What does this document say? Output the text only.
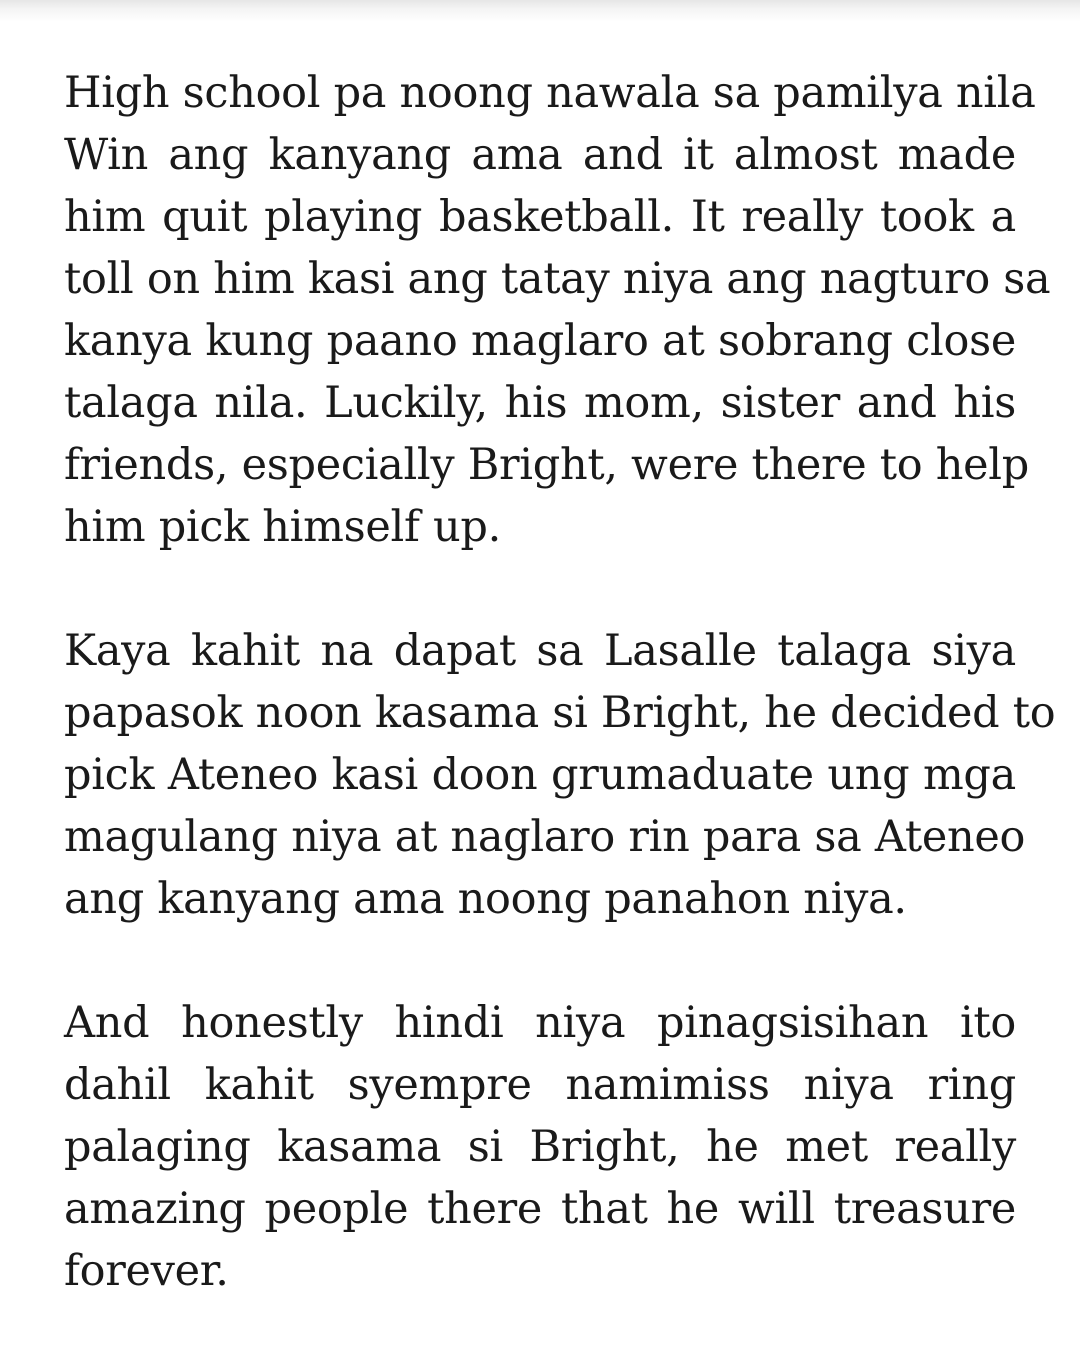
High school pa noong nawala sa pamilya nila
Win ang kanyang ama and it almost made
him quit playing basketball. It really took a
toll on him kasi ang tatay niya ang nagturo sa
kanya kung paano maglaro at sobrang close
talaga nila. Luckily, his mom, sister and his
friends, especially Bright, were there to help
him pick himself up.
Kaya kahit na dapat sa Lasalle talaga siya
papasok noon kasama si Bright, he decided to
pick Ateneo kasi doon grumaduate ung mga
magulang niya at naglaro rin para sa Ateneo
ang kanyang ama noong panahon niya.
And honestly hindi niya pinagsisihan ito
dahil kahit syempre namimiss niya ring
palaging kasama si Bright, he met really
amazing people there that he will treasure
forever.
